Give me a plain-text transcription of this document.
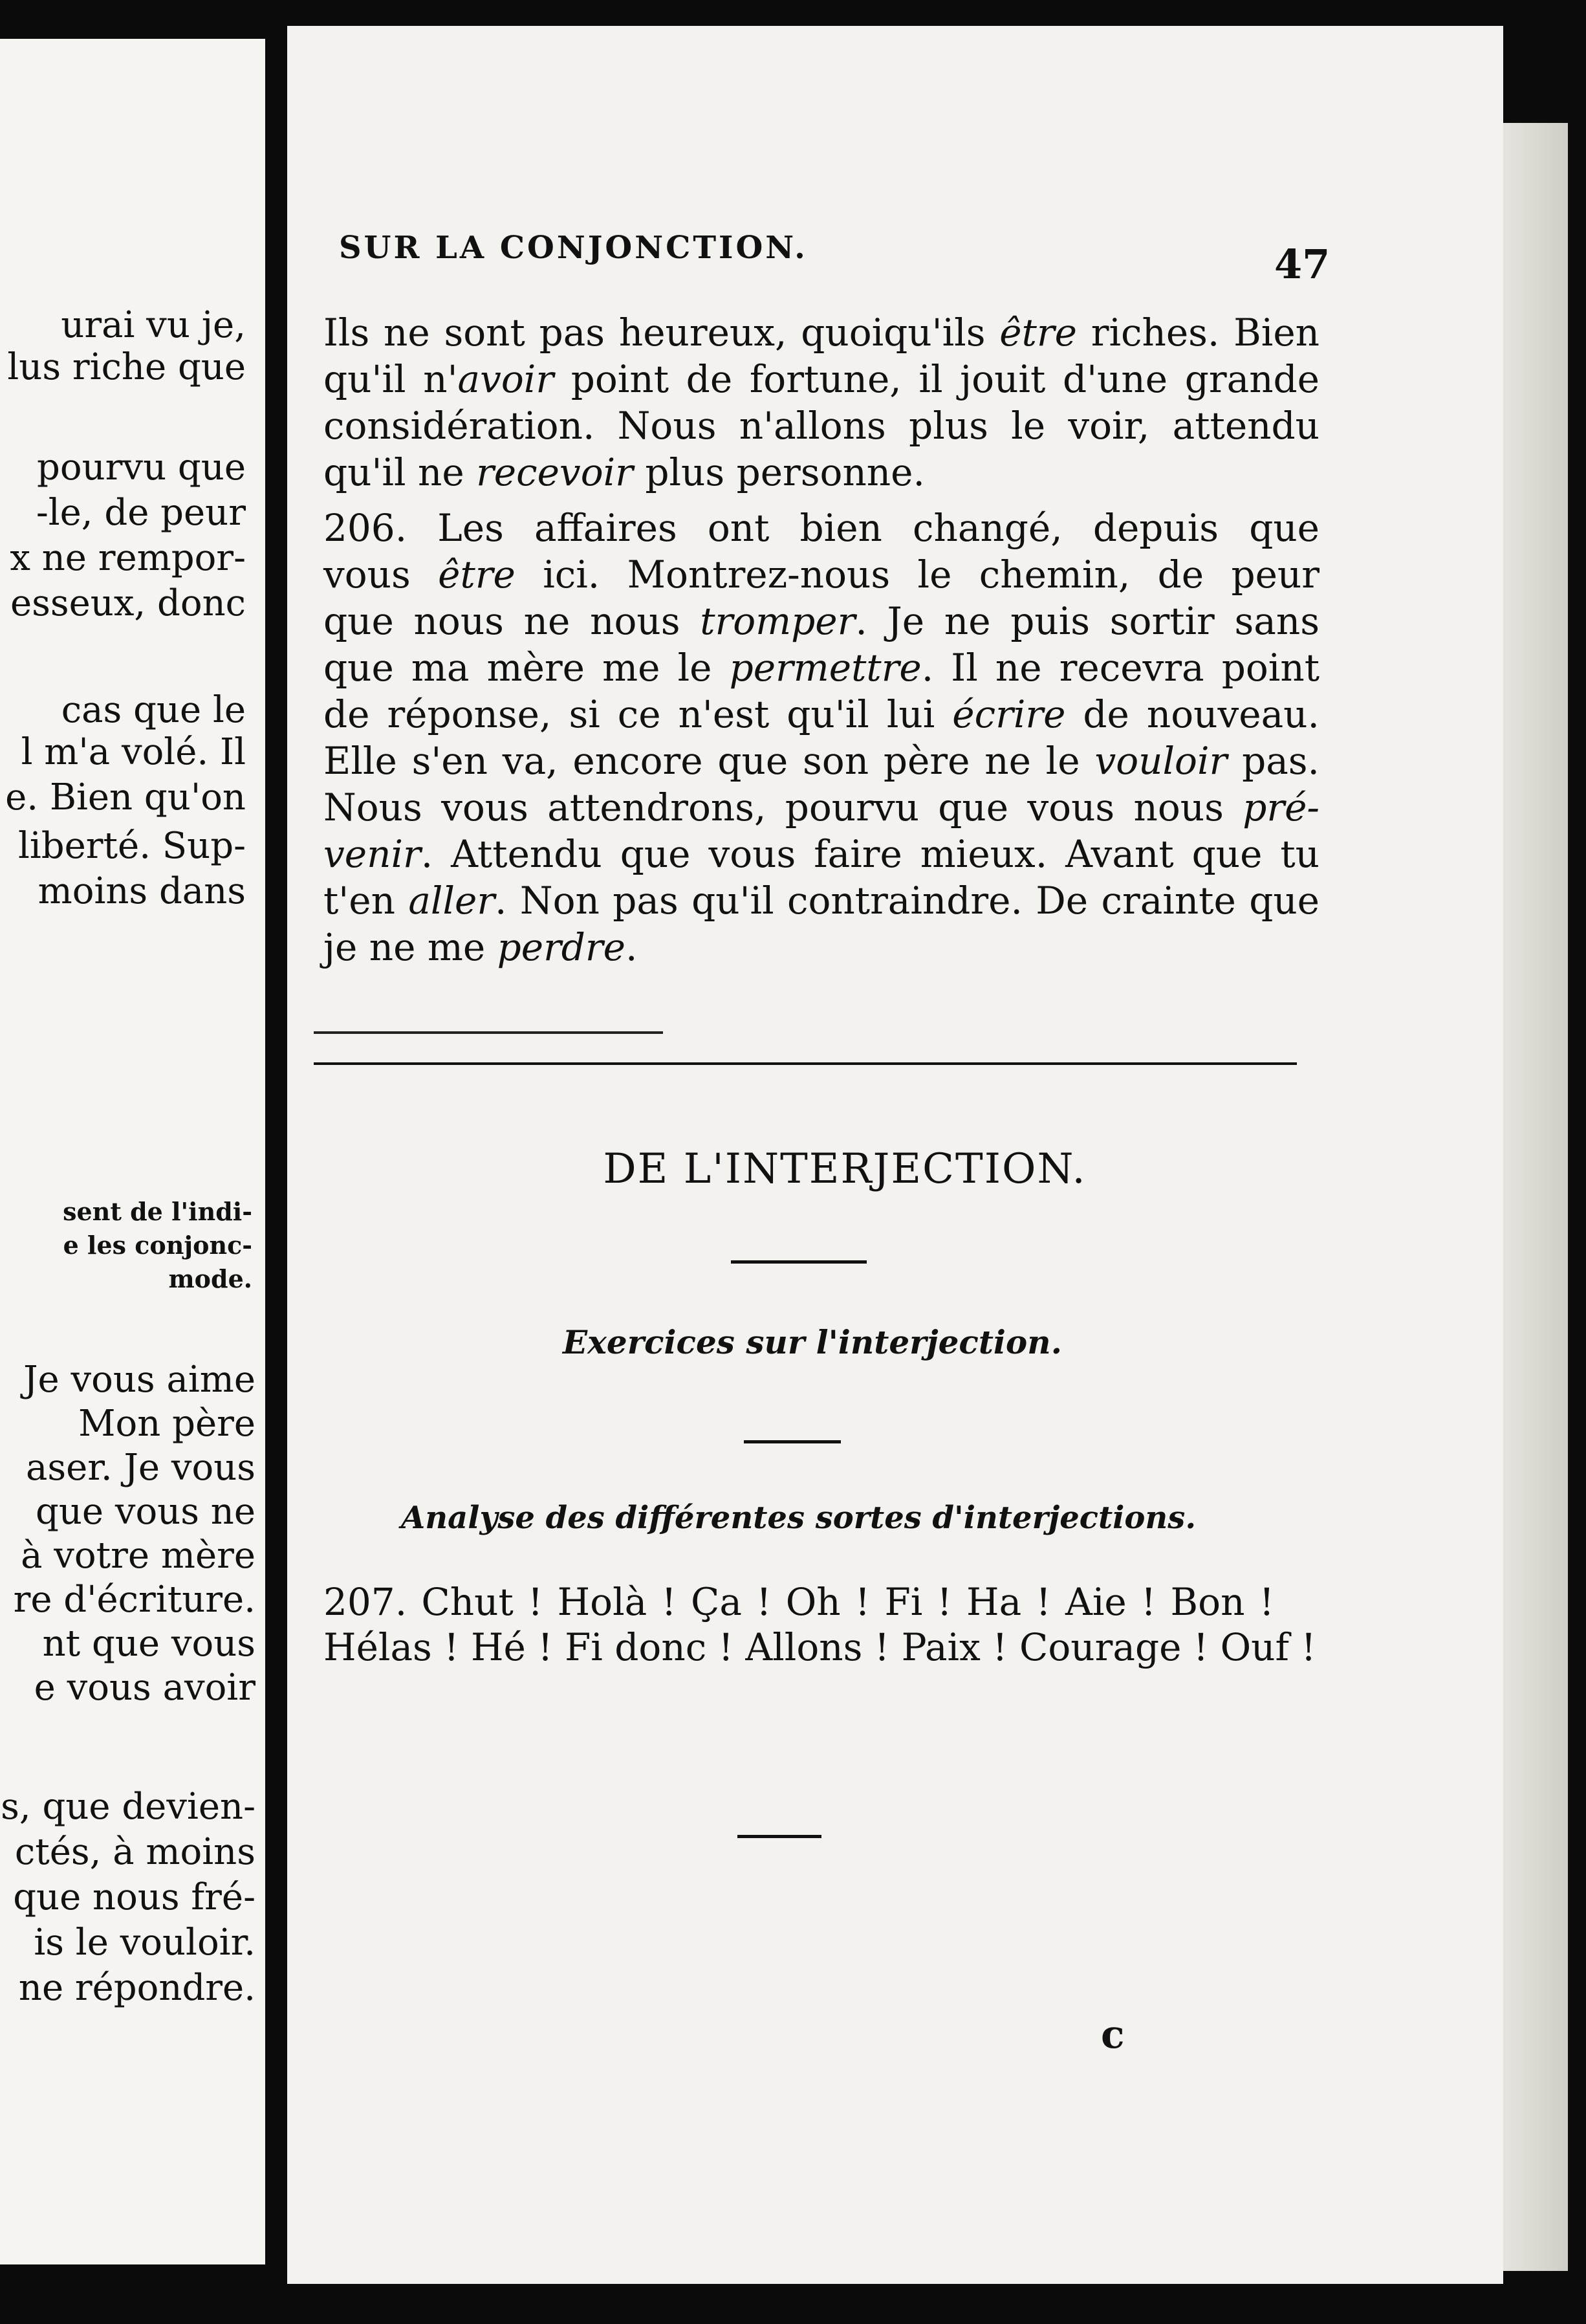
urai vu je,
lus riche que
pourvu que
-le, de peur
x ne rempor-
esseux, donc
cas que le
l m'a volé. Il
e. Bien qu'on
liberté. Sup-
moins dans
sent de l'indi-
e les conjonc-
mode.
Je vous aime
Mon père
aser. Je vous
que vous ne
à votre mère
re d'écriture.
nt que vous
e vous avoir
s, que devien-
ctés, à moins
que nous fré-
is le vouloir.
ne répondre.
SUR LA CONJONCTION.	47
Ils ne sont pas heureux, quoiqu'ils être riches. Bien
qu'il n'avoir point de fortune, il jouit d'une grande
considération. Nous n'allons plus le voir, attendu
qu'il ne recevoir plus personne.
206. Les affaires ont bien changé, depuis que
vous être ici. Montrez-nous le chemin, de peur
que nous ne nous tromper. Je ne puis sortir sans
que ma mère me le permettre. Il ne recevra point
de réponse, si ce n'est qu'il lui écrire de nouveau.
Elle s'en va, encore que son père ne le vouloir pas.
Nous vous attendrons, pourvu que vous nous pré-
venir. Attendu que vous faire mieux. Avant que tu
t'en aller. Non pas qu'il contraindre. De crainte que
je ne me perdre.
DE L'INTERJECTION.
Exercices sur l'interjection.
Analyse des différentes sortes d'interjections.
207. Chut ! Holà ! Ça ! Oh ! Fi ! Ha ! Aie ! Bon !
Hélas ! Hé ! Fi donc ! Allons ! Paix ! Courage ! Ouf !
c
